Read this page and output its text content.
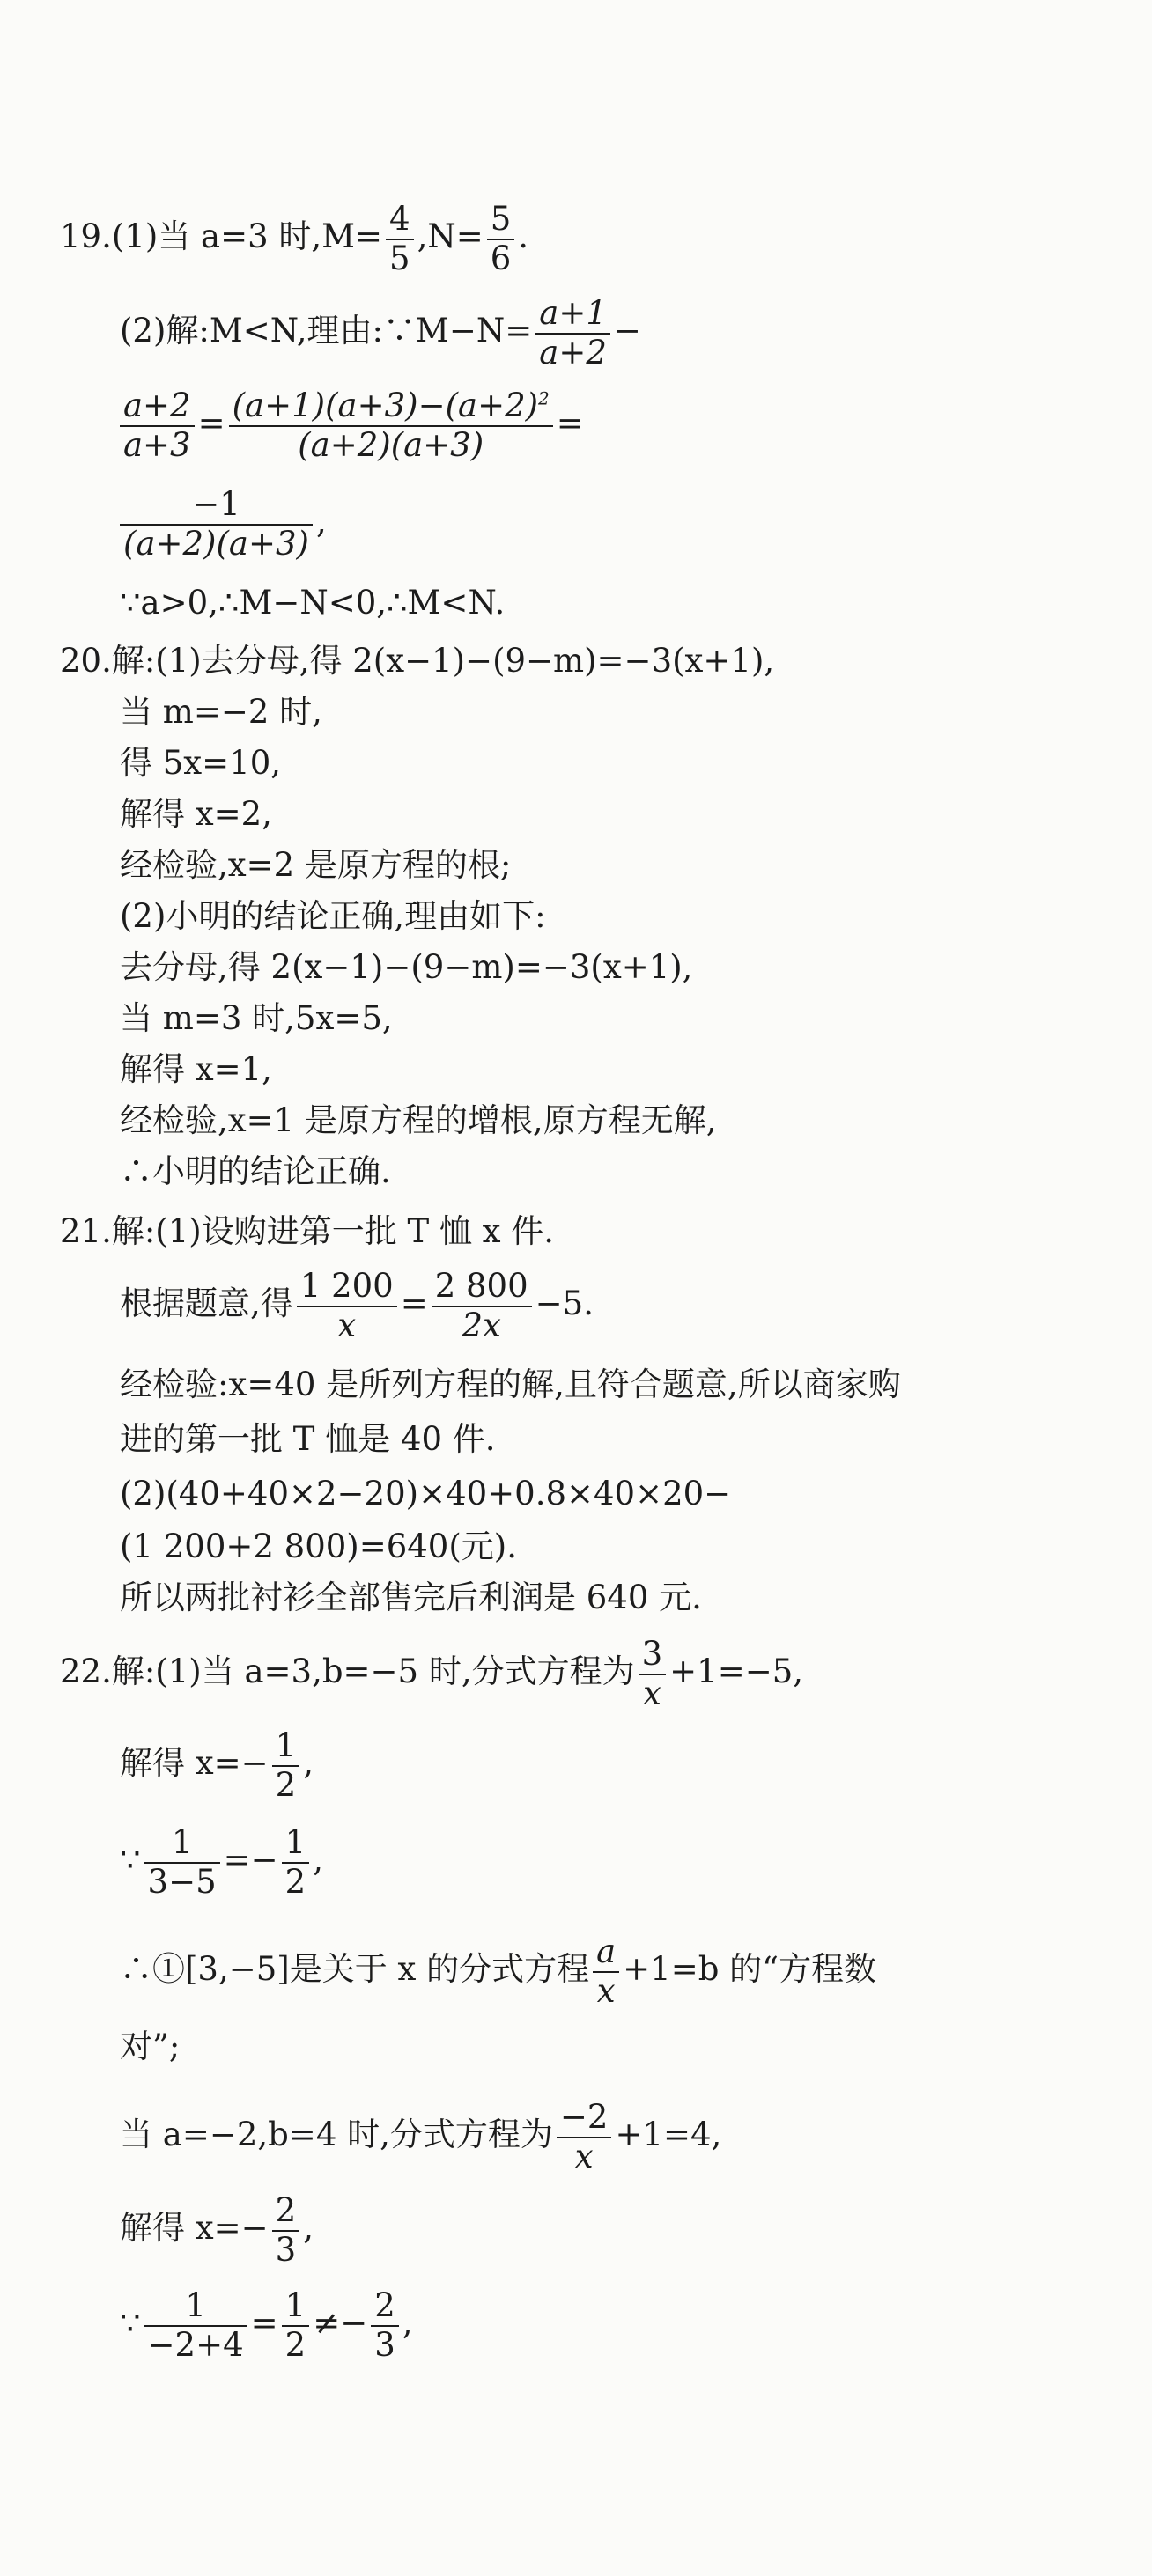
19.(1)当 a=3 时$,M= \frac{4}{5} ,N= \frac{5}{6}$ .
(2)解:M<N,理由:∵M−N= $\frac{a+1}{a+2}$ −
$\frac{a+2}{a+3} = \frac{(a+1)(a+3)-(a+2)^2}{(a+2)(a+3)}$ =
$\frac{-1}{(a+2)(a+3)}$ ,
∵a>0,∴M−N<0,∴M<N.
20.解:(1)去分母,得 2(x−1)−(9−m)=−3(x+1),
当 m=−2 时,
得 5x=10,
解得 x=2,
经检验,x=2 是原方程的根;
(2)小明的结论正确,理由如下:
去分母,得 2(x−1)−(9−m)=−3(x+1),
当 m=3 时,5x=5,
解得 x=1,
经检验,x=1 是原方程的增根,原方程无解,
∴小明的结论正确.
21.解:(1)设购进第一批 T 恤 x 件.
根据题意,得 $\frac{1 200}{x} = \frac{2 800}{2x} -5$.
经检验:x=40 是所列方程的解,且符合题意,所以商家购
进的第一批 T 恤是 40 件.
(2)(40+40×2−20)×40+0.8×40×20−
(1 200+2 800)=640(元).
所以两批衬衫全部售完后利润是 640 元.
22.解:(1)当 a=3,b=−5 时,分式方程为 $\frac{3}{x} +1=-5$,
解得 $x=- \frac{1}{2}$ ,
∵ $\frac{1}{3-5} =- \frac{1}{2}$ ,
∴①[3,−5]是关于 x 的分式方程 $\frac{a}{x} +1=b$ 的“方程数
对”;
当 a=−2,b=4 时,分式方程为 $\frac{-2}{x} +1=4$,
解得 $x=- \frac{2}{3}$ ,
∵ $\frac{1}{-2+4} = \frac{1}{2} \ne- \frac{2}{3}$ ,
